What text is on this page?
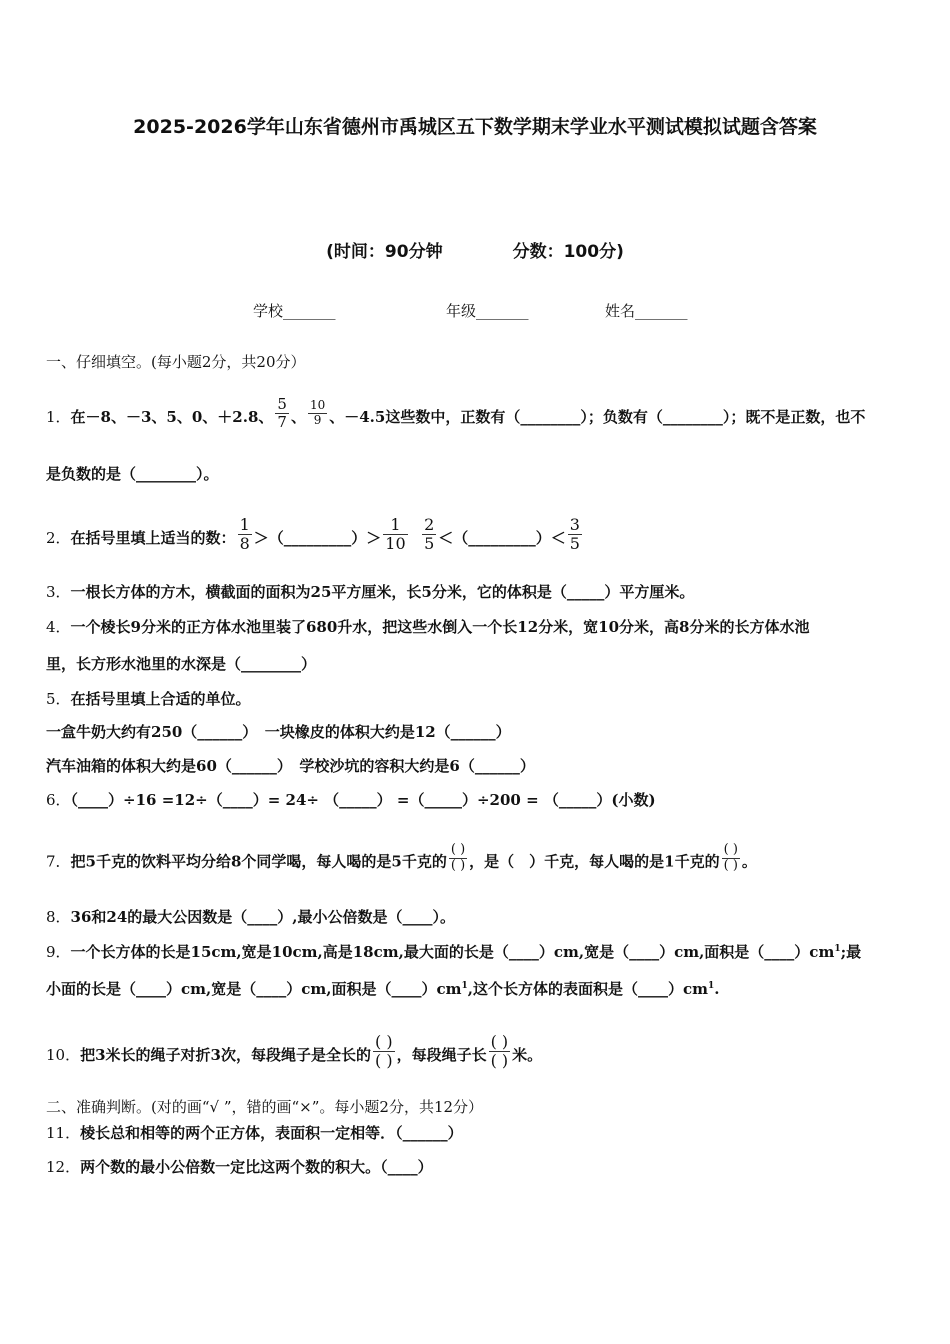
2025-2026学年山东省德州市禹城区五下数学期末学业水平测试模拟试题含答案
(时间：90分钟	分数：100分)
学校_______	年级_______	姓名_______
一、仔细填空。(每小题2分，共20分）
1．在－8、－3、5、0、＋2.8、 $\frac{5}{7}$ 、 $\frac{10}{9}$ 、－4.5这些数中，正数有（________）；负数有（________）；既不是正数，也不
是负数的是（________）。
2．在括号里填上适当的数： $\frac{1}{8}$ ＞（_________）＞ $\frac{1}{10}$
$\frac{2}{5}$ ＜（_________）＜ $\frac{3}{5}$
3．一根长方体的方木，横截面的面积为25平方厘米，长5分米，它的体积是（_____）平方厘米。
4．一个棱长9分米的正方体水池里装了680升水，把这些水倒入一个长12分米，宽10分米，高8分米的长方体水池
里，长方形水池里的水深是（________）
5．在括号里填上合适的单位。
一盒牛奶大约有250（______）　一块橡皮的体积大约是12（______）
汽车油箱的体积大约是60（______）　学校沙坑的容积大约是6（______）
6．（____）÷16 =12÷（____）= 24÷ （_____） =（_____）÷200 = （_____）(小数)
7．把5千克的饮料平均分给8个同学喝，每人喝的是5千克的 $\frac{( )}{( )}$ ，是（　）千克，每人喝的是1千克的 $\frac{( )}{( )}$ 。
8．36和24的最大公因数是（____）,最小公倍数是（____）。
9．一个长方体的长是15cm,宽是10cm,高是18cm,最大面的长是（____）cm,宽是（____）cm,面积是$(\_\_\_\_)cm^1$;最
小面的长是（____）cm,宽是（____）cm,面积是$(\_\_\_\_)cm^1$,这个长方体的表面积是$(\_\_\_\_)cm^1$.
10．把3米长的绳子对折3次，每段绳子是全长的 $\frac{( )}{( )}$ ，每段绳子长 $\frac{( )}{( )}$ 米。
二、准确判断。(对的画“√ ”，错的画“×”。每小题2分，共12分）
11．棱长总和相等的两个正方体，表面积一定相等．（______）
12．两个数的最小公倍数一定比这两个数的积大。（____）
